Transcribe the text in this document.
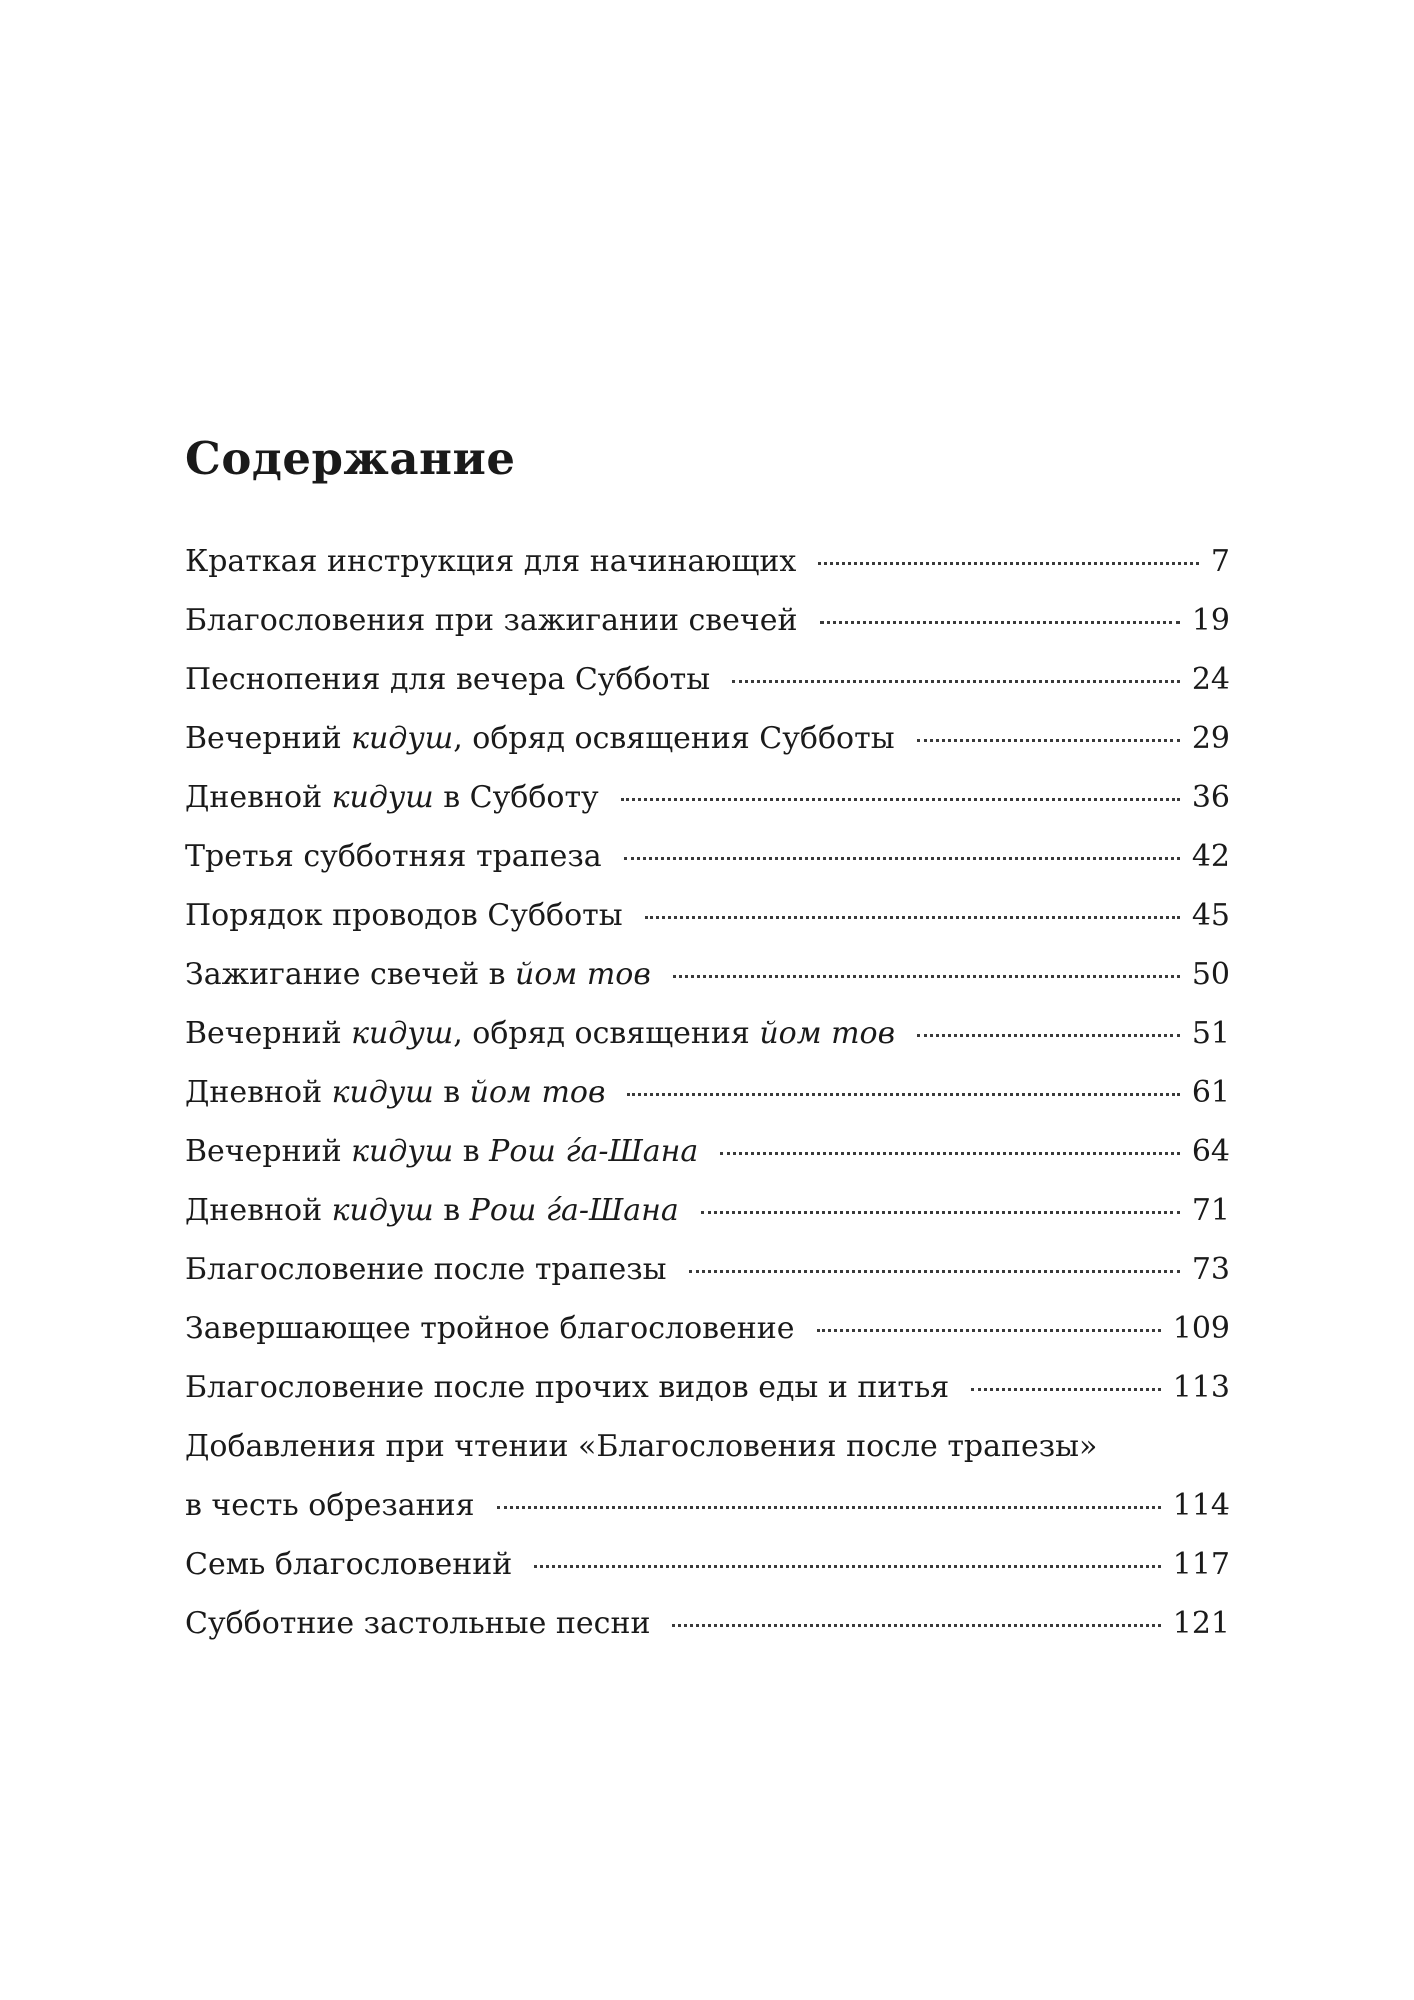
Содержание
Краткая инструкция для начинающих	7
Благословения при зажигании свечей	19
Песнопения для вечера Субботы	24
Вечерний кидуш, обряд освящения Субботы	29
Дневной кидуш в Субботу	36
Третья субботняя трапеза	42
Порядок проводов Субботы	45
Зажигание свечей в йом тов	50
Вечерний кидуш, обряд освящения йом тов	51
Дневной кидуш в йом тов	61
Вечерний кидуш в Рош ѓа-Шана	64
Дневной кидуш в Рош ѓа-Шана	71
Благословение после трапезы	73
Завершающее тройное благословение	109
Благословение после прочих видов еды и питья	113
Добавления при чтении «Благословения после трапезы»
в честь обрезания	114
Семь благословений	117
Субботние застольные песни	121
